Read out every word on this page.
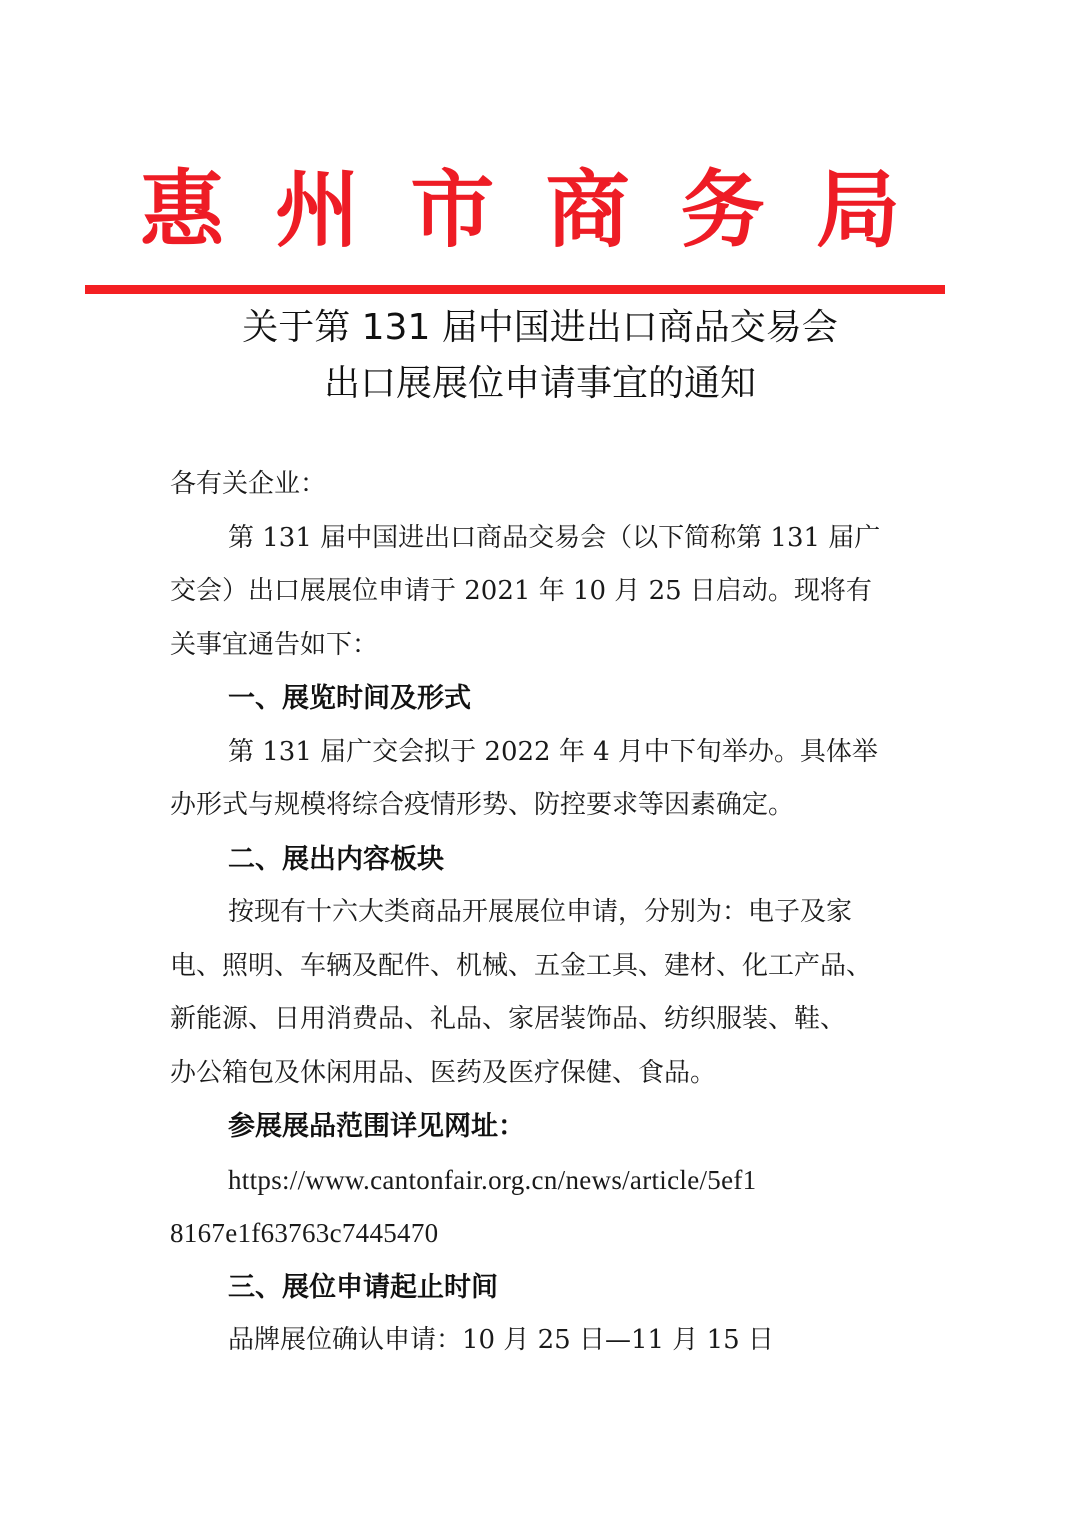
惠 州 市 商 务 局
关于第 131 届中国进出口商品交易会
出口展展位申请事宜的通知
各有关企业：
第 131 届中国进出口商品交易会（以下简称第 131 届广
交会）出口展展位申请于 2021 年 10 月 25 日启动。现将有
关事宜通告如下：
一、展览时间及形式
第 131 届广交会拟于 2022 年 4 月中下旬举办。具体举
办形式与规模将综合疫情形势、防控要求等因素确定。
二、展出内容板块
按现有十六大类商品开展展位申请，分别为：电子及家
电、照明、车辆及配件、机械、五金工具、建材、化工产品、
新能源、日用消费品、礼品、家居装饰品、纺织服装、鞋、
办公箱包及休闲用品、医药及医疗保健、食品。
参展展品范围详见网址：
https://www.cantonfair.org.cn/news/article/5ef1
8167e1f63763c7445470
三、展位申请起止时间
品牌展位确认申请：10 月 25 日—11 月 15 日
